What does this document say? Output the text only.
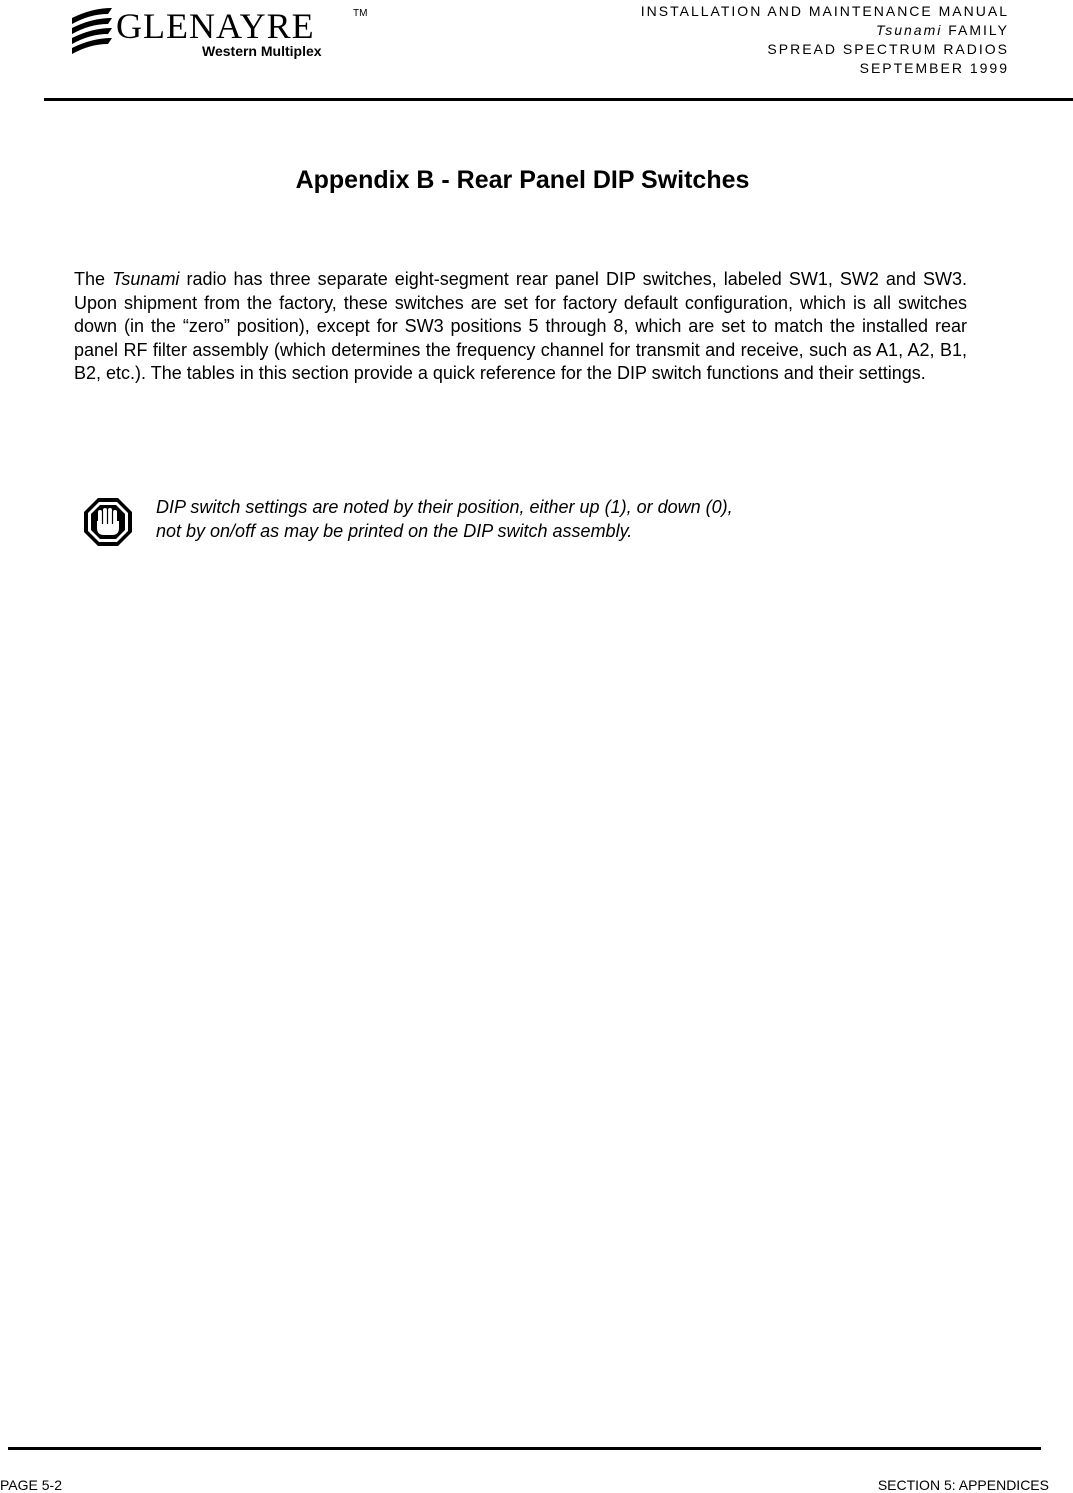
GLENAYRE	TM
Western Multiplex
INSTALLATION AND MAINTENANCE MANUAL
Tsunami FAMILY
SPREAD SPECTRUM RADIOS
SEPTEMBER 1999
Appendix B - Rear Panel DIP Switches

The Tsunami radio has three separate eight-segment rear panel DIP switches, labeled SW1, SW2 and SW3. Upon shipment from the factory, these switches are set for factory default configuration, which is all switches down (in the “zero” position), except for SW3 positions 5 through 8, which are set to match the installed rear panel RF filter assembly (which determines the frequency channel for transmit and receive, such as A1, A2, B1, B2, etc.). The tables in this section provide a quick reference for the DIP switch functions and their settings.

DIP switch settings are noted by their position, either up (1), or down (0),
not by on/off as may be printed on the DIP switch assembly.
PAGE 5-2	SECTION 5: APPENDICES
